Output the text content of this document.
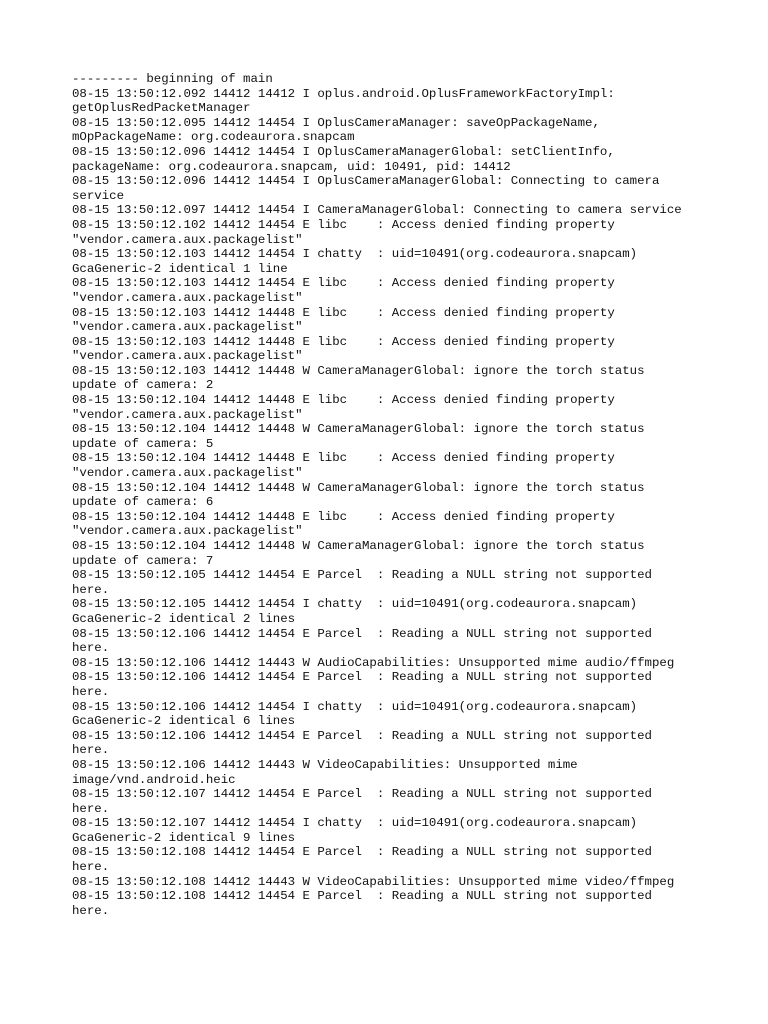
--------- beginning of main

08-15 13:50:12.092 14412 14412 I oplus.android.OplusFrameworkFactoryImpl:

getOplusRedPacketManager

08-15 13:50:12.095 14412 14454 I OplusCameraManager: saveOpPackageName,

mOpPackageName: org.codeaurora.snapcam

08-15 13:50:12.096 14412 14454 I OplusCameraManagerGlobal: setClientInfo,

packageName: org.codeaurora.snapcam, uid: 10491, pid: 14412

08-15 13:50:12.096 14412 14454 I OplusCameraManagerGlobal: Connecting to camera

service

08-15 13:50:12.097 14412 14454 I CameraManagerGlobal: Connecting to camera service

08-15 13:50:12.102 14412 14454 E libc    : Access denied finding property

"vendor.camera.aux.packagelist"

08-15 13:50:12.103 14412 14454 I chatty  : uid=10491(org.codeaurora.snapcam)

GcaGeneric-2 identical 1 line

08-15 13:50:12.103 14412 14454 E libc    : Access denied finding property

"vendor.camera.aux.packagelist"

08-15 13:50:12.103 14412 14448 E libc    : Access denied finding property

"vendor.camera.aux.packagelist"

08-15 13:50:12.103 14412 14448 E libc    : Access denied finding property

"vendor.camera.aux.packagelist"

08-15 13:50:12.103 14412 14448 W CameraManagerGlobal: ignore the torch status

update of camera: 2

08-15 13:50:12.104 14412 14448 E libc    : Access denied finding property

"vendor.camera.aux.packagelist"

08-15 13:50:12.104 14412 14448 W CameraManagerGlobal: ignore the torch status

update of camera: 5

08-15 13:50:12.104 14412 14448 E libc    : Access denied finding property

"vendor.camera.aux.packagelist"

08-15 13:50:12.104 14412 14448 W CameraManagerGlobal: ignore the torch status

update of camera: 6

08-15 13:50:12.104 14412 14448 E libc    : Access denied finding property

"vendor.camera.aux.packagelist"

08-15 13:50:12.104 14412 14448 W CameraManagerGlobal: ignore the torch status

update of camera: 7

08-15 13:50:12.105 14412 14454 E Parcel  : Reading a NULL string not supported

here.

08-15 13:50:12.105 14412 14454 I chatty  : uid=10491(org.codeaurora.snapcam)

GcaGeneric-2 identical 2 lines

08-15 13:50:12.106 14412 14454 E Parcel  : Reading a NULL string not supported

here.

08-15 13:50:12.106 14412 14443 W AudioCapabilities: Unsupported mime audio/ffmpeg

08-15 13:50:12.106 14412 14454 E Parcel  : Reading a NULL string not supported

here.

08-15 13:50:12.106 14412 14454 I chatty  : uid=10491(org.codeaurora.snapcam)

GcaGeneric-2 identical 6 lines

08-15 13:50:12.106 14412 14454 E Parcel  : Reading a NULL string not supported

here.

08-15 13:50:12.106 14412 14443 W VideoCapabilities: Unsupported mime

image/vnd.android.heic

08-15 13:50:12.107 14412 14454 E Parcel  : Reading a NULL string not supported

here.

08-15 13:50:12.107 14412 14454 I chatty  : uid=10491(org.codeaurora.snapcam)

GcaGeneric-2 identical 9 lines

08-15 13:50:12.108 14412 14454 E Parcel  : Reading a NULL string not supported

here.

08-15 13:50:12.108 14412 14443 W VideoCapabilities: Unsupported mime video/ffmpeg

08-15 13:50:12.108 14412 14454 E Parcel  : Reading a NULL string not supported

here.
